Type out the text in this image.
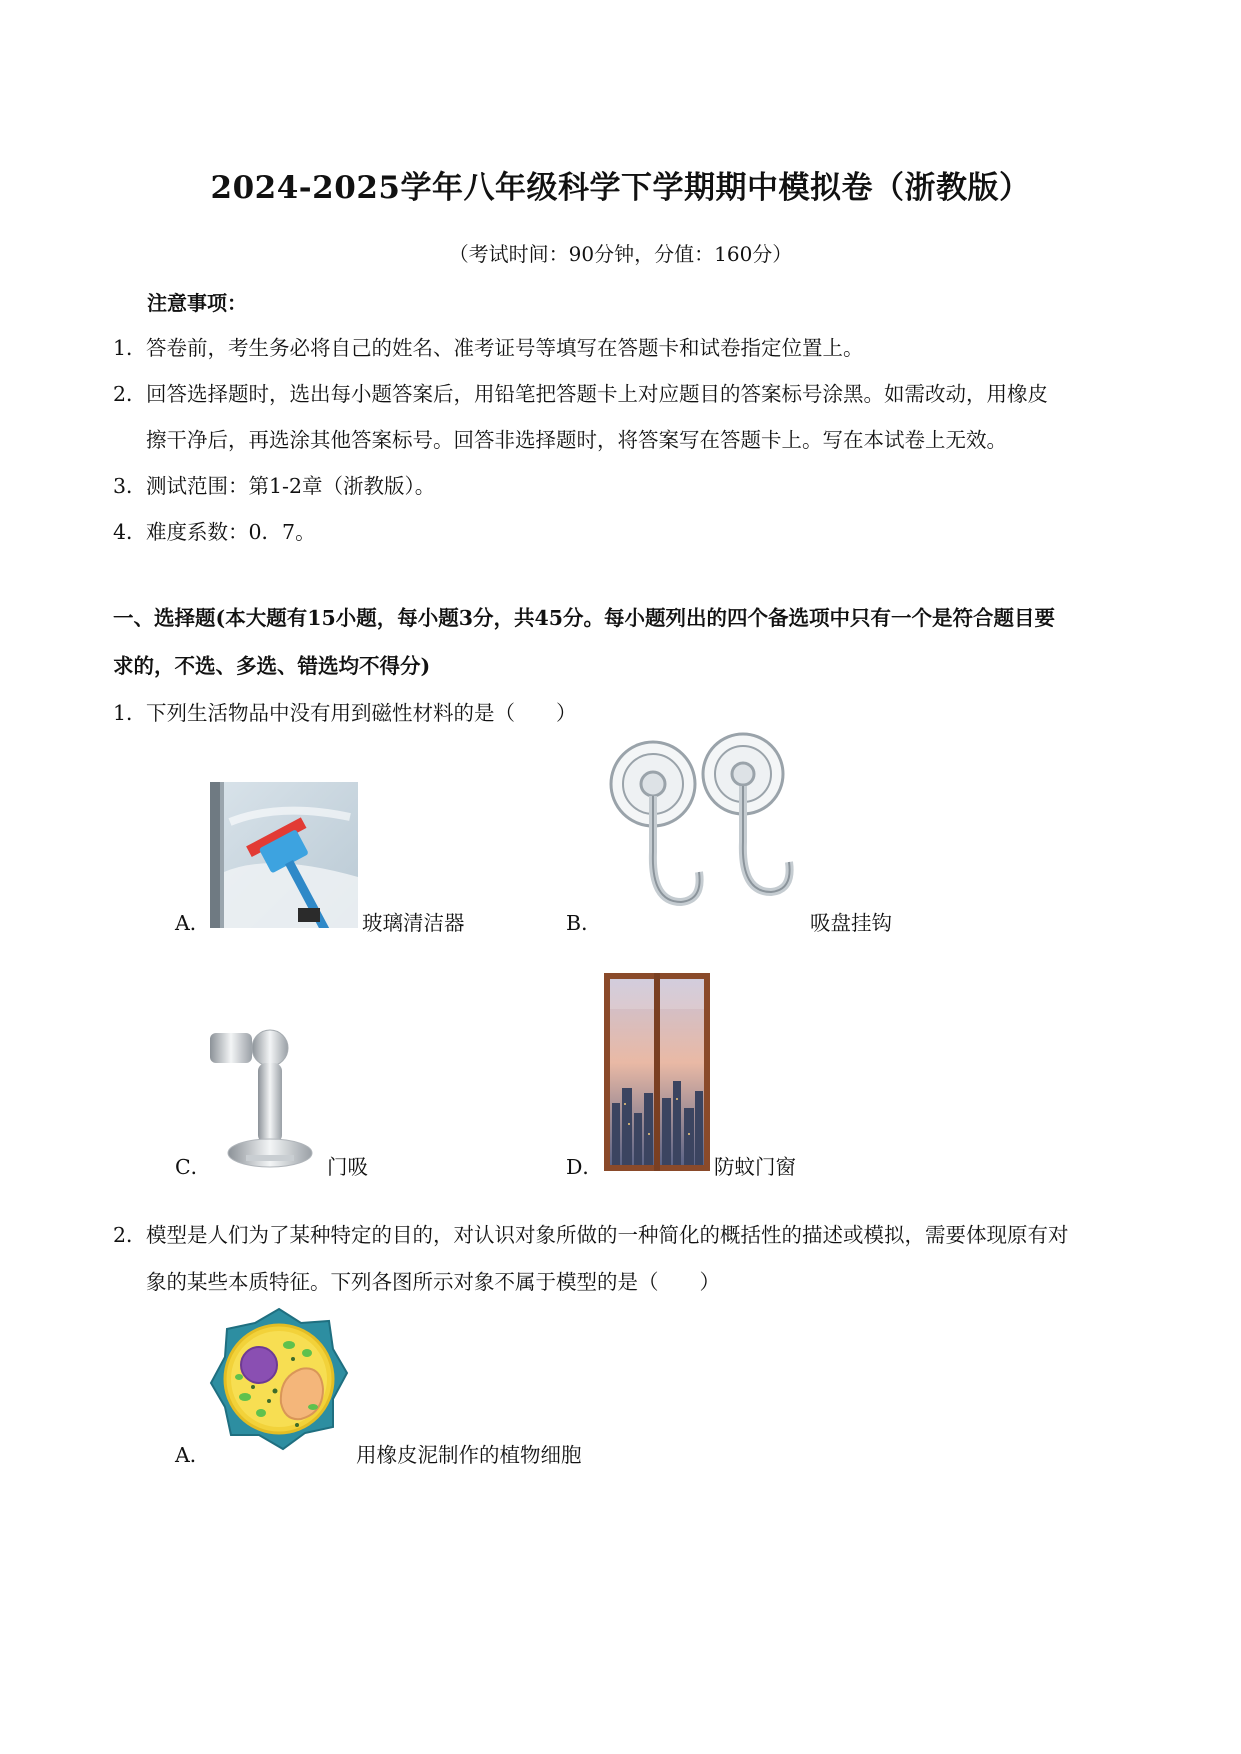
2024-2025学年八年级科学下学期期中模拟卷（浙教版）
（考试时间：90分钟，分值：160分）
注意事项：
1． 答卷前，考生务必将自己的姓名、准考证号等填写在答题卡和试卷指定位置上。
2． 回答选择题时，选出每小题答案后，用铅笔把答题卡上对应题目的答案标号涂黑。如需改动，用橡皮
擦干净后，再选涂其他答案标号。回答非选择题时，将答案写在答题卡上。写在本试卷上无效。
3． 测试范围：第1-2章（浙教版）。
4． 难度系数：0．7。
一、选择题(本大题有15小题，每小题3分，共45分。每小题列出的四个备选项中只有一个是符合题目要
求的，不选、多选、错选均不得分)
1． 下列生活物品中没有用到磁性材料的是（　　）
A．	玻璃清洁器	B．	吸盘挂钩
C．	门吸	D．	防蚊门窗
2． 模型是人们为了某种特定的目的，对认识对象所做的一种简化的概括性的描述或模拟，需要体现原有对
象的某些本质特征。下列各图所示对象不属于模型的是（　　）
A．	用橡皮泥制作的植物细胞
